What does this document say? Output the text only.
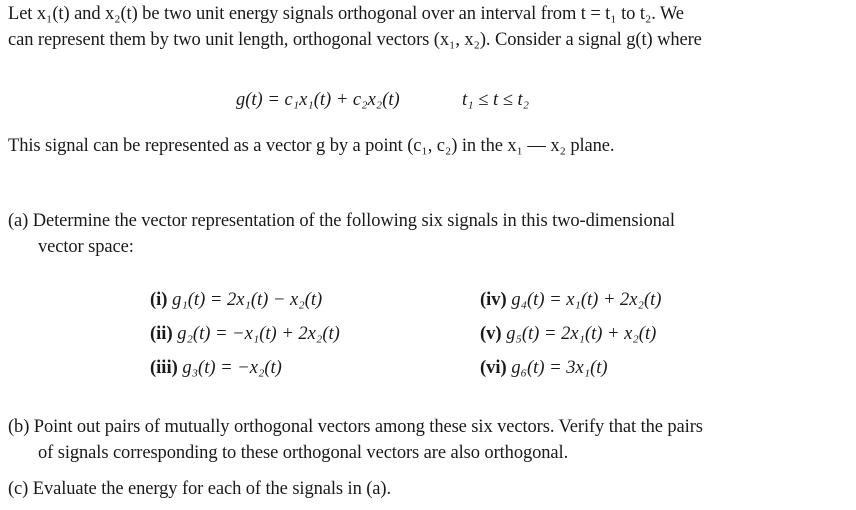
Let x₁(t) and x₂(t) be two unit energy signals orthogonal over an interval from t = t₁ to t₂. We
can represent them by two unit length, orthogonal vectors (x₁, x₂). Consider a signal g(t) where
g(t) = c₁x₁(t) + c₂x₂(t)	t₁ ≤ t ≤ t₂
This signal can be represented as a vector g by a point (c₁, c₂) in the x₁ — x₂ plane.
(a) Determine the vector representation of the following six signals in this two-dimensional
vector space:
(i) g₁(t) = 2x₁(t) − x₂(t)
(ii) g₂(t) = −x₁(t) + 2x₂(t)
(iii) g₃(t) = −x₂(t)
(iv) g₄(t) = x₁(t) + 2x₂(t)
(v) g₅(t) = 2x₁(t) + x₂(t)
(vi) g₆(t) = 3x₁(t)
(b) Point out pairs of mutually orthogonal vectors among these six vectors. Verify that the pairs
of signals corresponding to these orthogonal vectors are also orthogonal.
(c) Evaluate the energy for each of the signals in (a).
